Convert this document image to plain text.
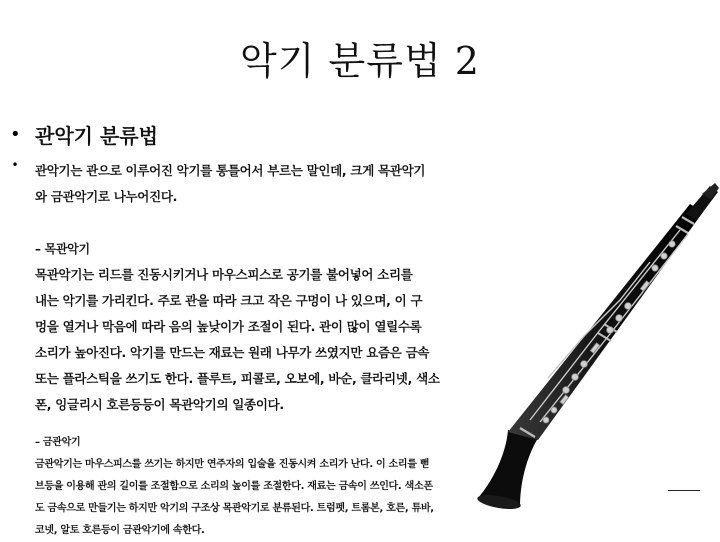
악기 분류법 2
• 관악기 분류법
• 관악기는 관으로 이루어진 악기를 통틀어서 부르는 말인데, 크게 목관악기

와 금관악기로 나누어진다.

– 목관악기

목관악기는 리드를 진동시키거나 마우스피스로 공기를 불어넣어 소리를

내는 악기를 가리킨다. 주로 관을 따라 크고 작은 구멍이 나 있으며, 이 구

멍을 열거나 막음에 따라 음의 높낮이가 조절이 된다. 관이 많이 열릴수록

소리가 높아진다. 악기를 만드는 재료는 원래 나무가 쓰였지만 요즘은 금속

또는 플라스틱을 쓰기도 한다. 플루트, 피콜로, 오보에, 바순, 클라리넷, 색소

폰, 잉글리시 호른등등이 목관악기의 일종이다.

– 금관악기

금관악기는 마우스피스를 쓰기는 하지만 연주자의 입술을 진동시켜 소리가 난다. 이 소리를 뻗

브등을 이용해 관의 길이를 조절함으로 소리의 높이를 조절한다. 재료는 금속이 쓰인다. 색소폰

도 금속으로 만들기는 하지만 악기의 구조상 목관악기로 분류된다. 트럼펫, 트롬본, 호른, 튜바,

코넷, 알토 호른등이 금관악기에 속한다.
